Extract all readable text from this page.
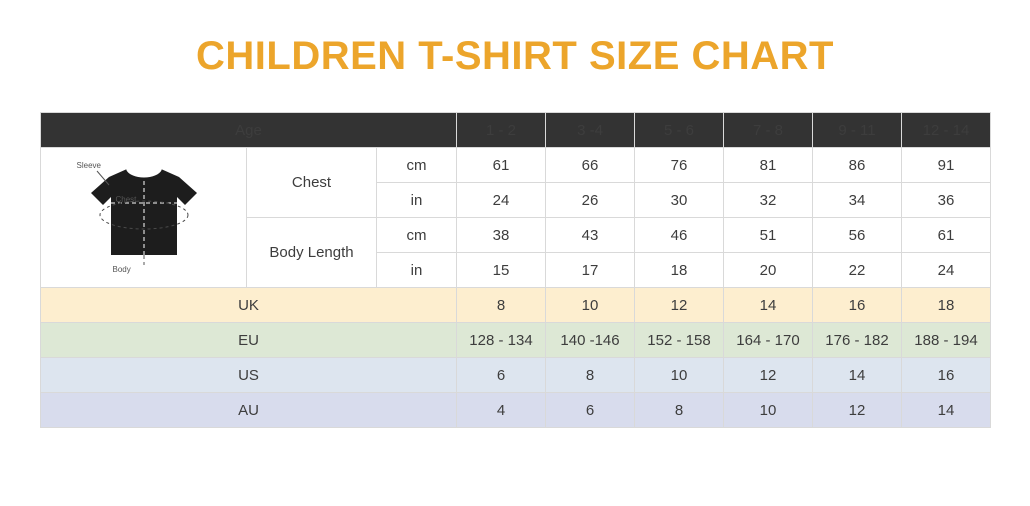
CHILDREN T-SHIRT SIZE CHART
Age			1 - 2	3 -4	5 - 6	7 - 8	9 - 11	12 - 14

Sleeve
Chest
Body	Chest	cm	61	66	76	81	86	91
		in	24	26	30	32	34	36
	Body Length	cm	38	43	46	51	56	61
		in	15	17	18	20	22	24
UK			8	10	12	14	16	18
EU			128 - 134	140 -146	152 - 158	164 - 170	176 - 182	188 - 194
US			6	8	10	12	14	16
AU			4	6	8	10	12	14
